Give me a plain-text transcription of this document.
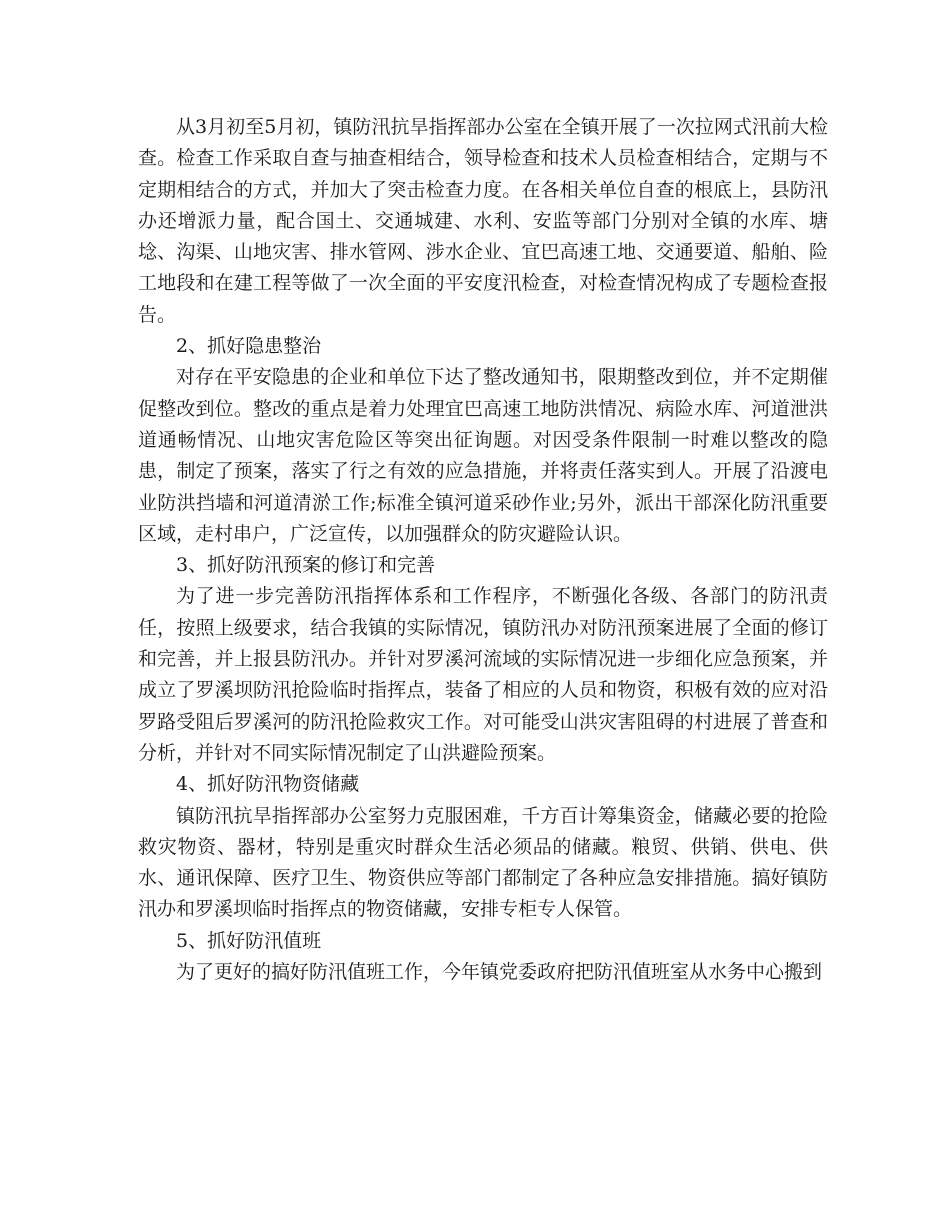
从3月初至5月初，镇防汛抗旱指挥部办公室在全镇开展了一次拉网式汛前大检查。检查工作采取自查与抽查相结合，领导检查和技术人员检查相结合，定期与不定期相结合的方式，并加大了突击检查力度。在各相关单位自查的根底上，县防汛办还增派力量，配合国土、交通城建、水利、安监等部门分别对全镇的水库、塘埝、沟渠、山地灾害、排水管网、涉水企业、宜巴高速工地、交通要道、船舶、险工地段和在建工程等做了一次全面的平安度汛检查，对检查情况构成了专题检查报告。

2、抓好隐患整治

对存在平安隐患的企业和单位下达了整改通知书，限期整改到位，并不定期催促整改到位。整改的重点是着力处理宜巴高速工地防洪情况、病险水库、河道泄洪道通畅情况、山地灾害危险区等突出征询题。对因受条件限制一时难以整改的隐患，制定了预案，落实了行之有效的应急措施，并将责任落实到人。开展了沿渡电业防洪挡墙和河道清淤工作;标准全镇河道采砂作业;另外，派出干部深化防汛重要区域，走村串户，广泛宣传，以加强群众的防灾避险认识。

3、抓好防汛预案的修订和完善

为了进一步完善防汛指挥体系和工作程序，不断强化各级、各部门的防汛责任，按照上级要求，结合我镇的实际情况，镇防汛办对防汛预案进展了全面的修订和完善，并上报县防汛办。并针对罗溪河流域的实际情况进一步细化应急预案，并成立了罗溪坝防汛抢险临时指挥点，装备了相应的人员和物资，积极有效的应对沿罗路受阻后罗溪河的防汛抢险救灾工作。对可能受山洪灾害阻碍的村进展了普查和分析，并针对不同实际情况制定了山洪避险预案。

4、抓好防汛物资储藏

镇防汛抗旱指挥部办公室努力克服困难，千方百计筹集资金，储藏必要的抢险救灾物资、器材，特别是重灾时群众生活必须品的储藏。粮贸、供销、供电、供水、通讯保障、医疗卫生、物资供应等部门都制定了各种应急安排措施。搞好镇防汛办和罗溪坝临时指挥点的物资储藏，安排专柜专人保管。

5、抓好防汛值班

为了更好的搞好防汛值班工作，今年镇党委政府把防汛值班室从水务中心搬到
